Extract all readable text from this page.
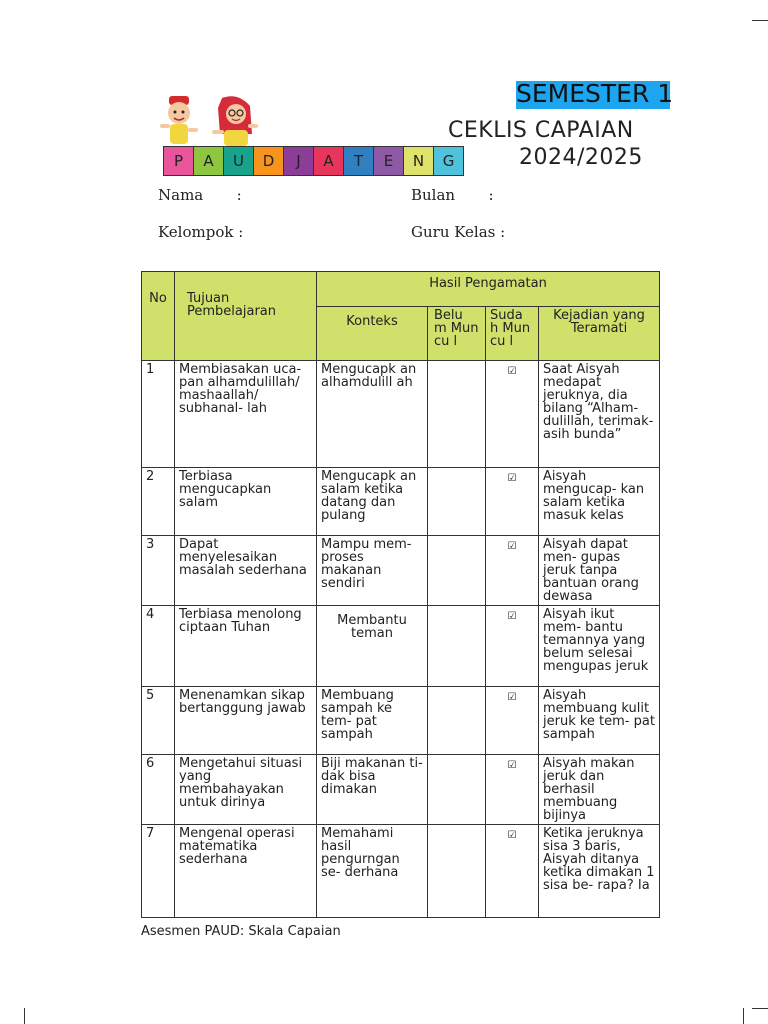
P	A	U	D	J	A	T	E	N	G
SEMESTER 1
CEKLIS CAPAIAN
2024/2025
Nama       :	Bulan       :
Kelompok :	Guru Kelas :
No	Tujuan Pembelajaran	Hasil Pengamatan			
		Konteks	Belu m Muncu l	Suda h Muncu l	Kejadian yang Teramati
1	Membiasakan uca- pan alhamdulillah/ mashaallah/ subhanal- lah	Mengucapk an alhamdulill ah		☑	Saat Aisyah medapat jeruknya, dia bilang “Alham- dulillah, terimak- asih bunda”
2	Terbiasa mengucapkan salam	Mengucapk an salam ketika datang dan pulang		☑	Aisyah mengucap- kan salam ketika masuk kelas
3	Dapat menyelesaikan masalah sederhana	Mampu mem- proses makanan sendiri		☑	Aisyah dapat men- gupas jeruk tanpa bantuan orang dewasa
4	Terbiasa menolong ciptaan Tuhan	Membantu teman		☑	Aisyah ikut mem- bantu temannya yang belum selesai mengupas jeruk
5	Menenamkan sikap bertanggung jawab	Membuang sampah ke tem- pat sampah		☑	Aisyah membuang kulit jeruk ke tem- pat sampah
6	Mengetahui situasi yang membahayakan untuk dirinya	Biji makanan ti- dak bisa dimakan		☑	Aisyah makan jeruk dan berhasil membuang bijinya
7	Mengenal operasi matematika sederhana	Memahami hasil pengurngan se- derhana		☑	Ketika jeruknya sisa 3 baris, Aisyah ditanya ketika dimakan 1 sisa be- rapa? Ia
Asesmen PAUD: Skala Capaian
